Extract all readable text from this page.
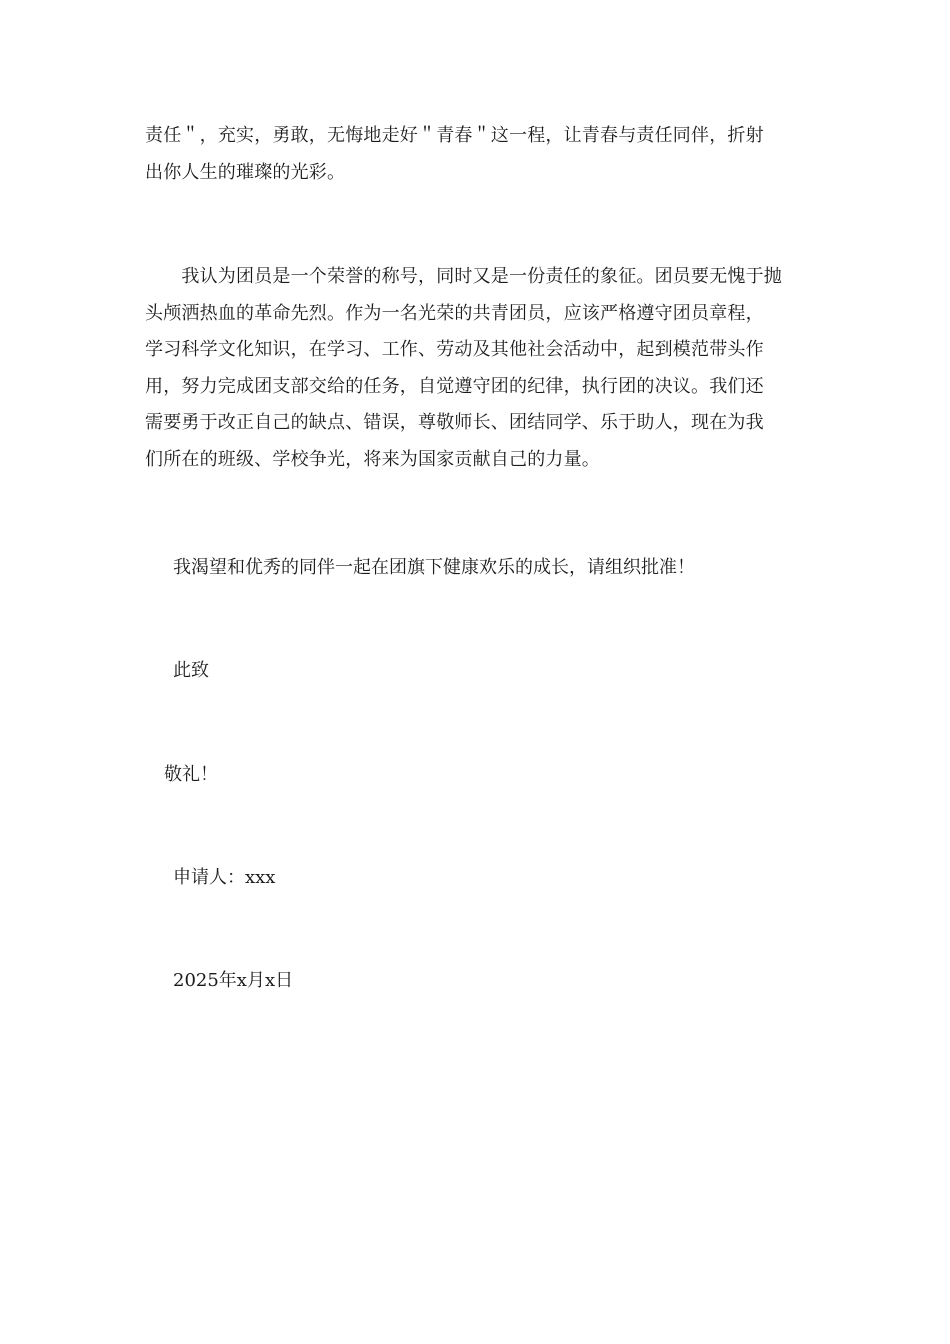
责任＂，充实，勇敢，无悔地走好＂青春＂这一程，让青春与责任同伴，折射
出你人生的璀璨的光彩。
　　我认为团员是一个荣誉的称号，同时又是一份责任的象征。团员要无愧于抛
头颅洒热血的革命先烈。作为一名光荣的共青团员，应该严格遵守团员章程，
学习科学文化知识，在学习、工作、劳动及其他社会活动中，起到模范带头作
用，努力完成团支部交给的任务，自觉遵守团的纪律，执行团的决议。我们还
需要勇于改正自己的缺点、错误，尊敬师长、团结同学、乐于助人，现在为我
们所在的班级、学校争光，将来为国家贡献自己的力量。

我渴望和优秀的同伴一起在团旗下健康欢乐的成长，请组织批准！

此致

敬礼！

申请人：xxx

2025年x月x日
